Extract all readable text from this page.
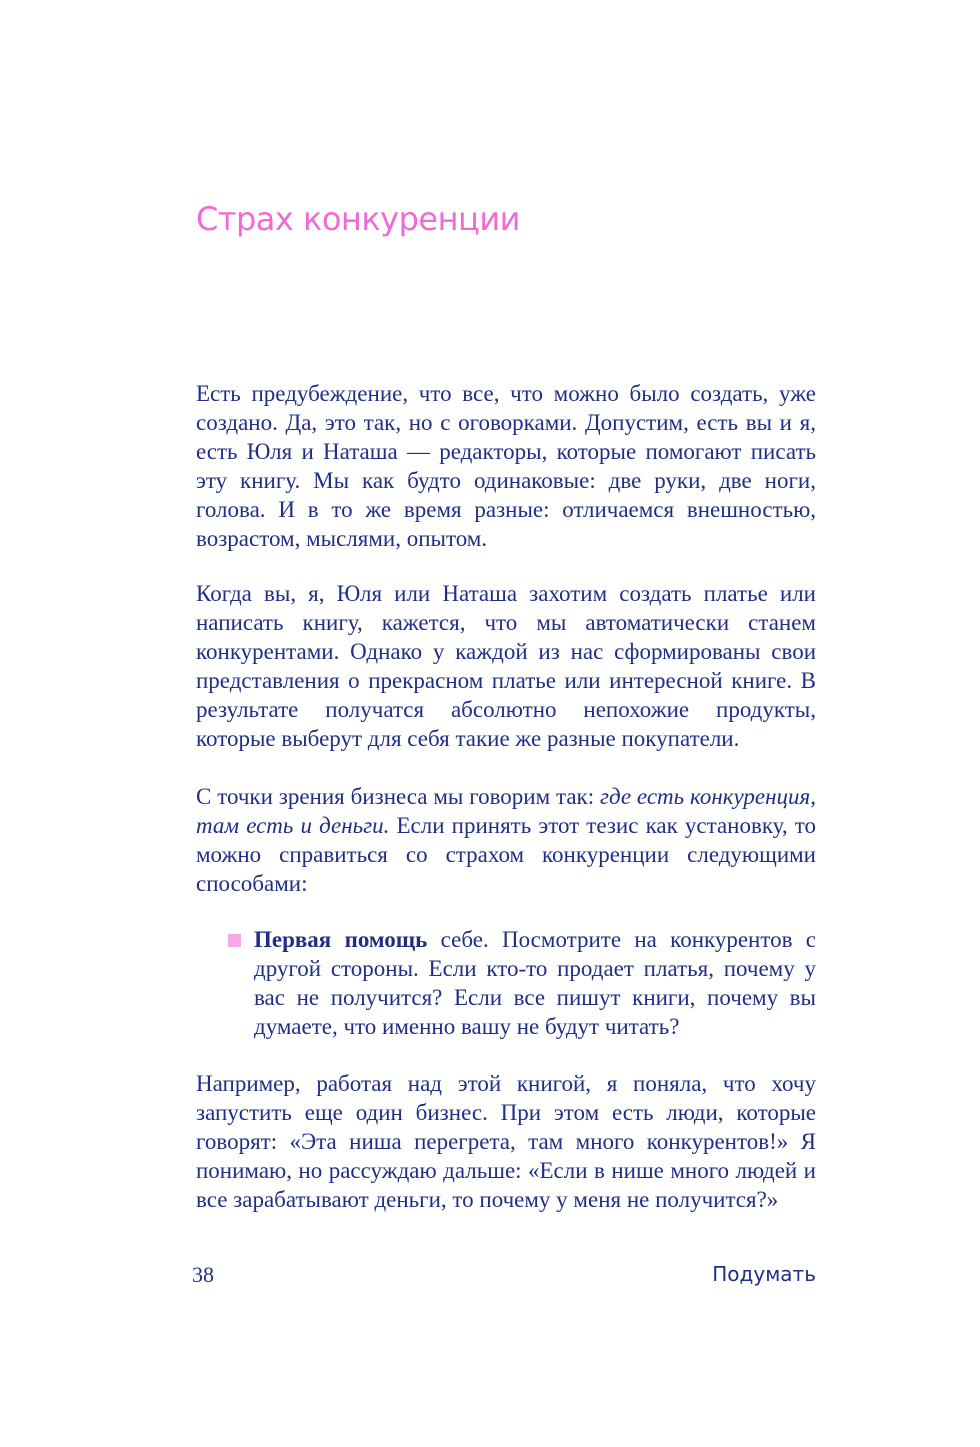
Страх конкуренции

Есть предубеждение, что все, что можно было создать, уже создано. Да, это так, но с оговорками. Допустим, есть вы и я, есть Юля и Наташа — редакторы, которые помогают писать эту книгу. Мы как будто одинаковые: две руки, две ноги, голова. И в то же время разные: отличаемся внешностью, возрастом, мыслями, опытом.

Когда вы, я, Юля или Наташа захотим создать платье или написать книгу, кажется, что мы автоматически станем конкурентами. Однако у каждой из нас сформированы свои представления о прекрасном платье или интересной книге. В результате получатся абсолютно непохожие продукты, которые выберут для себя такие же разные покупатели.

С точки зрения бизнеса мы говорим так: где есть конкуренция, там есть и деньги. Если принять этот тезис как установку, то можно справиться со страхом конкуренции следующими способами:

Первая помощь себе. Посмотрите на конкурентов с другой стороны. Если кто-то продает платья, почему у вас не получится? Если все пишут книги, почему вы думаете, что именно вашу не будут читать?

Например, работая над этой книгой, я поняла, что хочу запустить еще один бизнес. При этом есть люди, которые говорят: «Эта ниша перегрета, там много конкурентов!» Я понимаю, но рассуждаю дальше: «Если в нише много людей и все зарабатывают деньги, то почему у меня не получится?»

38	Подумать
